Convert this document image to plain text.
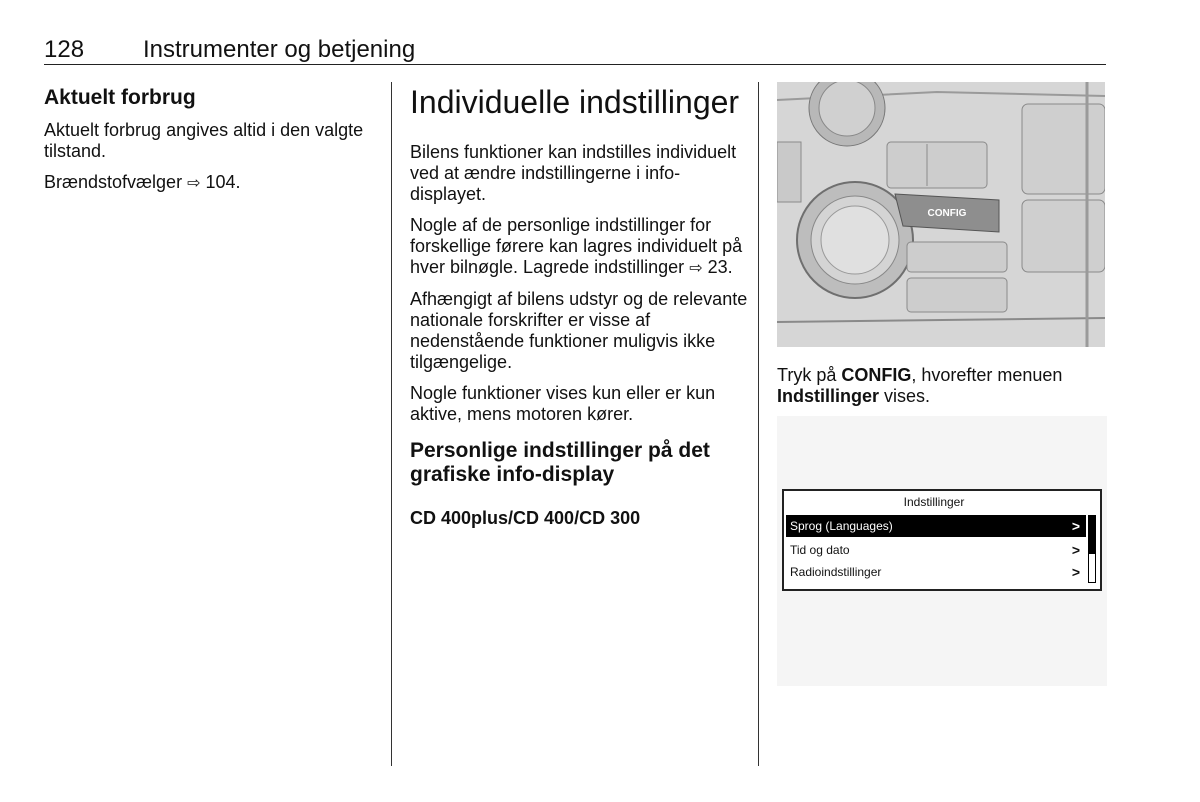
128 Instrumenter og betjening

Aktuelt forbrug

Aktuelt forbrug angives altid i den valgte tilstand.

Brændstofvælger ⇨ 104.

Individuelle indstillinger

Bilens funktioner kan indstilles individuelt ved at ændre indstillingerne i info-displayet.

Nogle af de personlige indstillinger for forskellige førere kan lagres individuelt på hver bilnøgle. Lagrede indstillinger ⇨ 23.

Afhængigt af bilens udstyr og de relevante nationale forskrifter er visse af nedenstående funktioner muligvis ikke tilgængelige.

Nogle funktioner vises kun eller er kun aktive, mens motoren kører.

Personlige indstillinger på det grafiske info-display

CD 400plus/CD 400/CD 300

CONFIG
Tryk på CONFIG, hvorefter menuen Indstillinger vises.
Indstillinger
Sprog (Languages)	>
Tid og dato	>
Radioindstillinger	>
